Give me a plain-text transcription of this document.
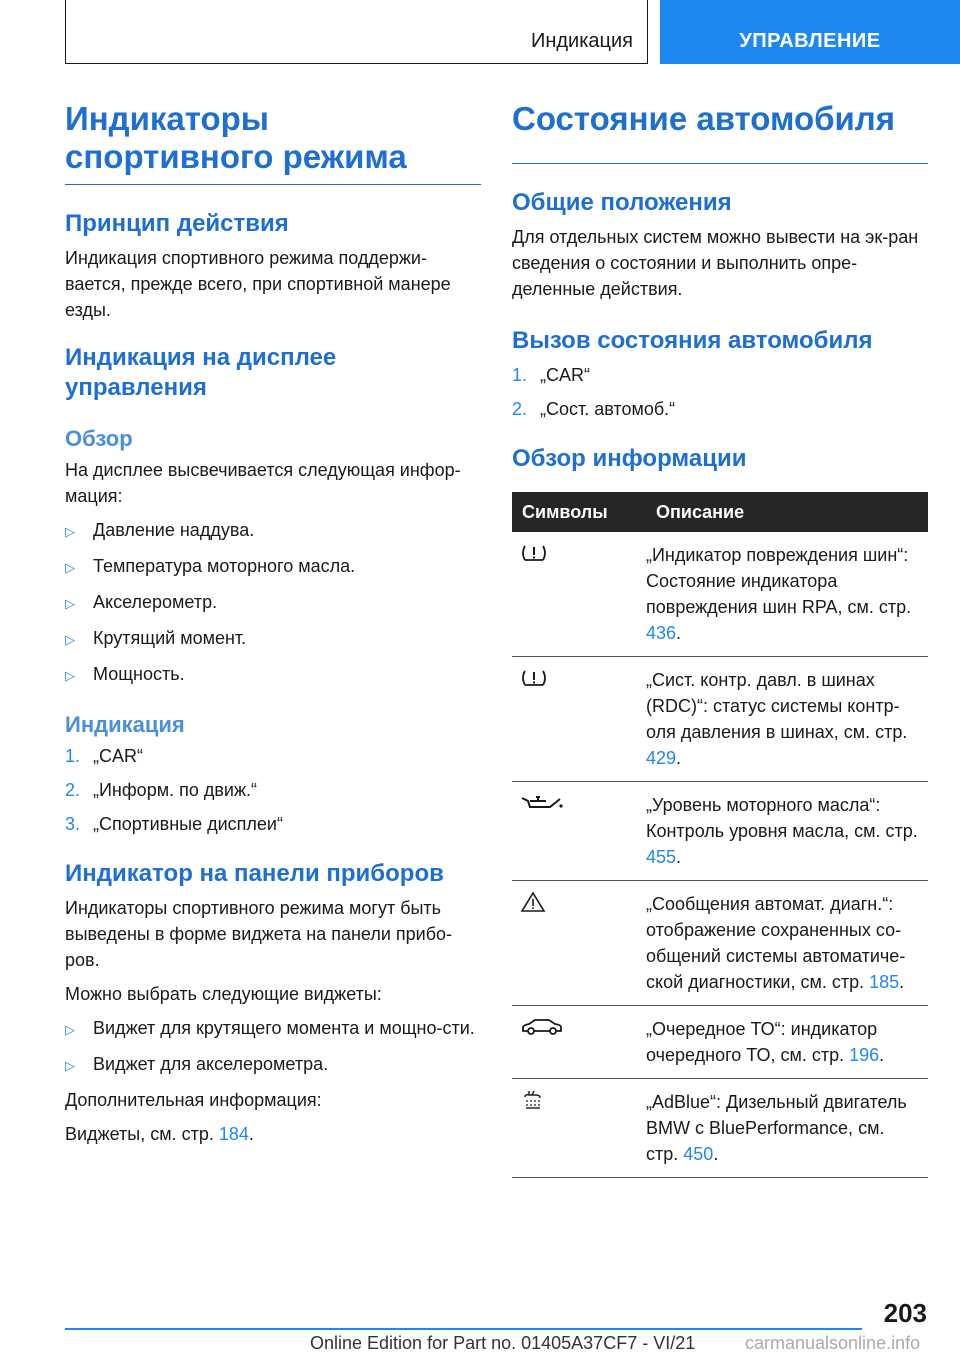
Индикация	УПРАВЛЕНИЕ
Индикаторы спортивного режима
Принцип действия

Индикация спортивного режима поддержи-вается, прежде всего, при спортивной манере езды.

Индикация на дисплее управления
Обзор

На дисплее высвечивается следующая инфор-мация:

▷	Давление наддува.
▷	Температура моторного масла.
▷	Акселерометр.
▷	Крутящий момент.
▷	Мощность.
Индикация
1. „CAR“
2. „Информ. по движ.“
3. „Спортивные дисплеи“
Индикатор на панели приборов

Индикаторы спортивного режима могут быть выведены в форме виджета на панели прибо-ров.

Можно выбрать следующие виджеты:

▷	Виджет для крутящего момента и мощно-сти.
▷	Виджет для акселерометра.

Дополнительная информация:

Виджеты, см. стр. 184.

Состояние автомобиля
Общие положения

Для отдельных систем можно вывести на эк-ран сведения о состоянии и выполнить опре-деленные действия.

Вызов состояния автомобиля
1. „CAR“
2. „Сост. автомоб.“
Обзор информации
Символы	Описание
	„Индикатор повреждения шин“: Состояние индикатора повреждения шин RPA, см. стр. 436.
	„Сист. контр. давл. в шинах (RDC)“: статус системы контр-оля давления в шинах, см. стр. 429.
	„Уровень моторного масла“: Контроль уровня масла, см. стр. 455.
	„Сообщения автомат. диагн.“: отображение сохраненных со-общений системы автоматиче-ской диагностики, см. стр. 185.
	„Очередное ТО“: индикатор очередного ТО, см. стр. 196.
	„AdBlue“: Дизельный двигатель BMW с BluePerformance, см. стр. 450.
203
Online Edition for Part no. 01405A37CF7 - VI/21	carmanualsonline.info
